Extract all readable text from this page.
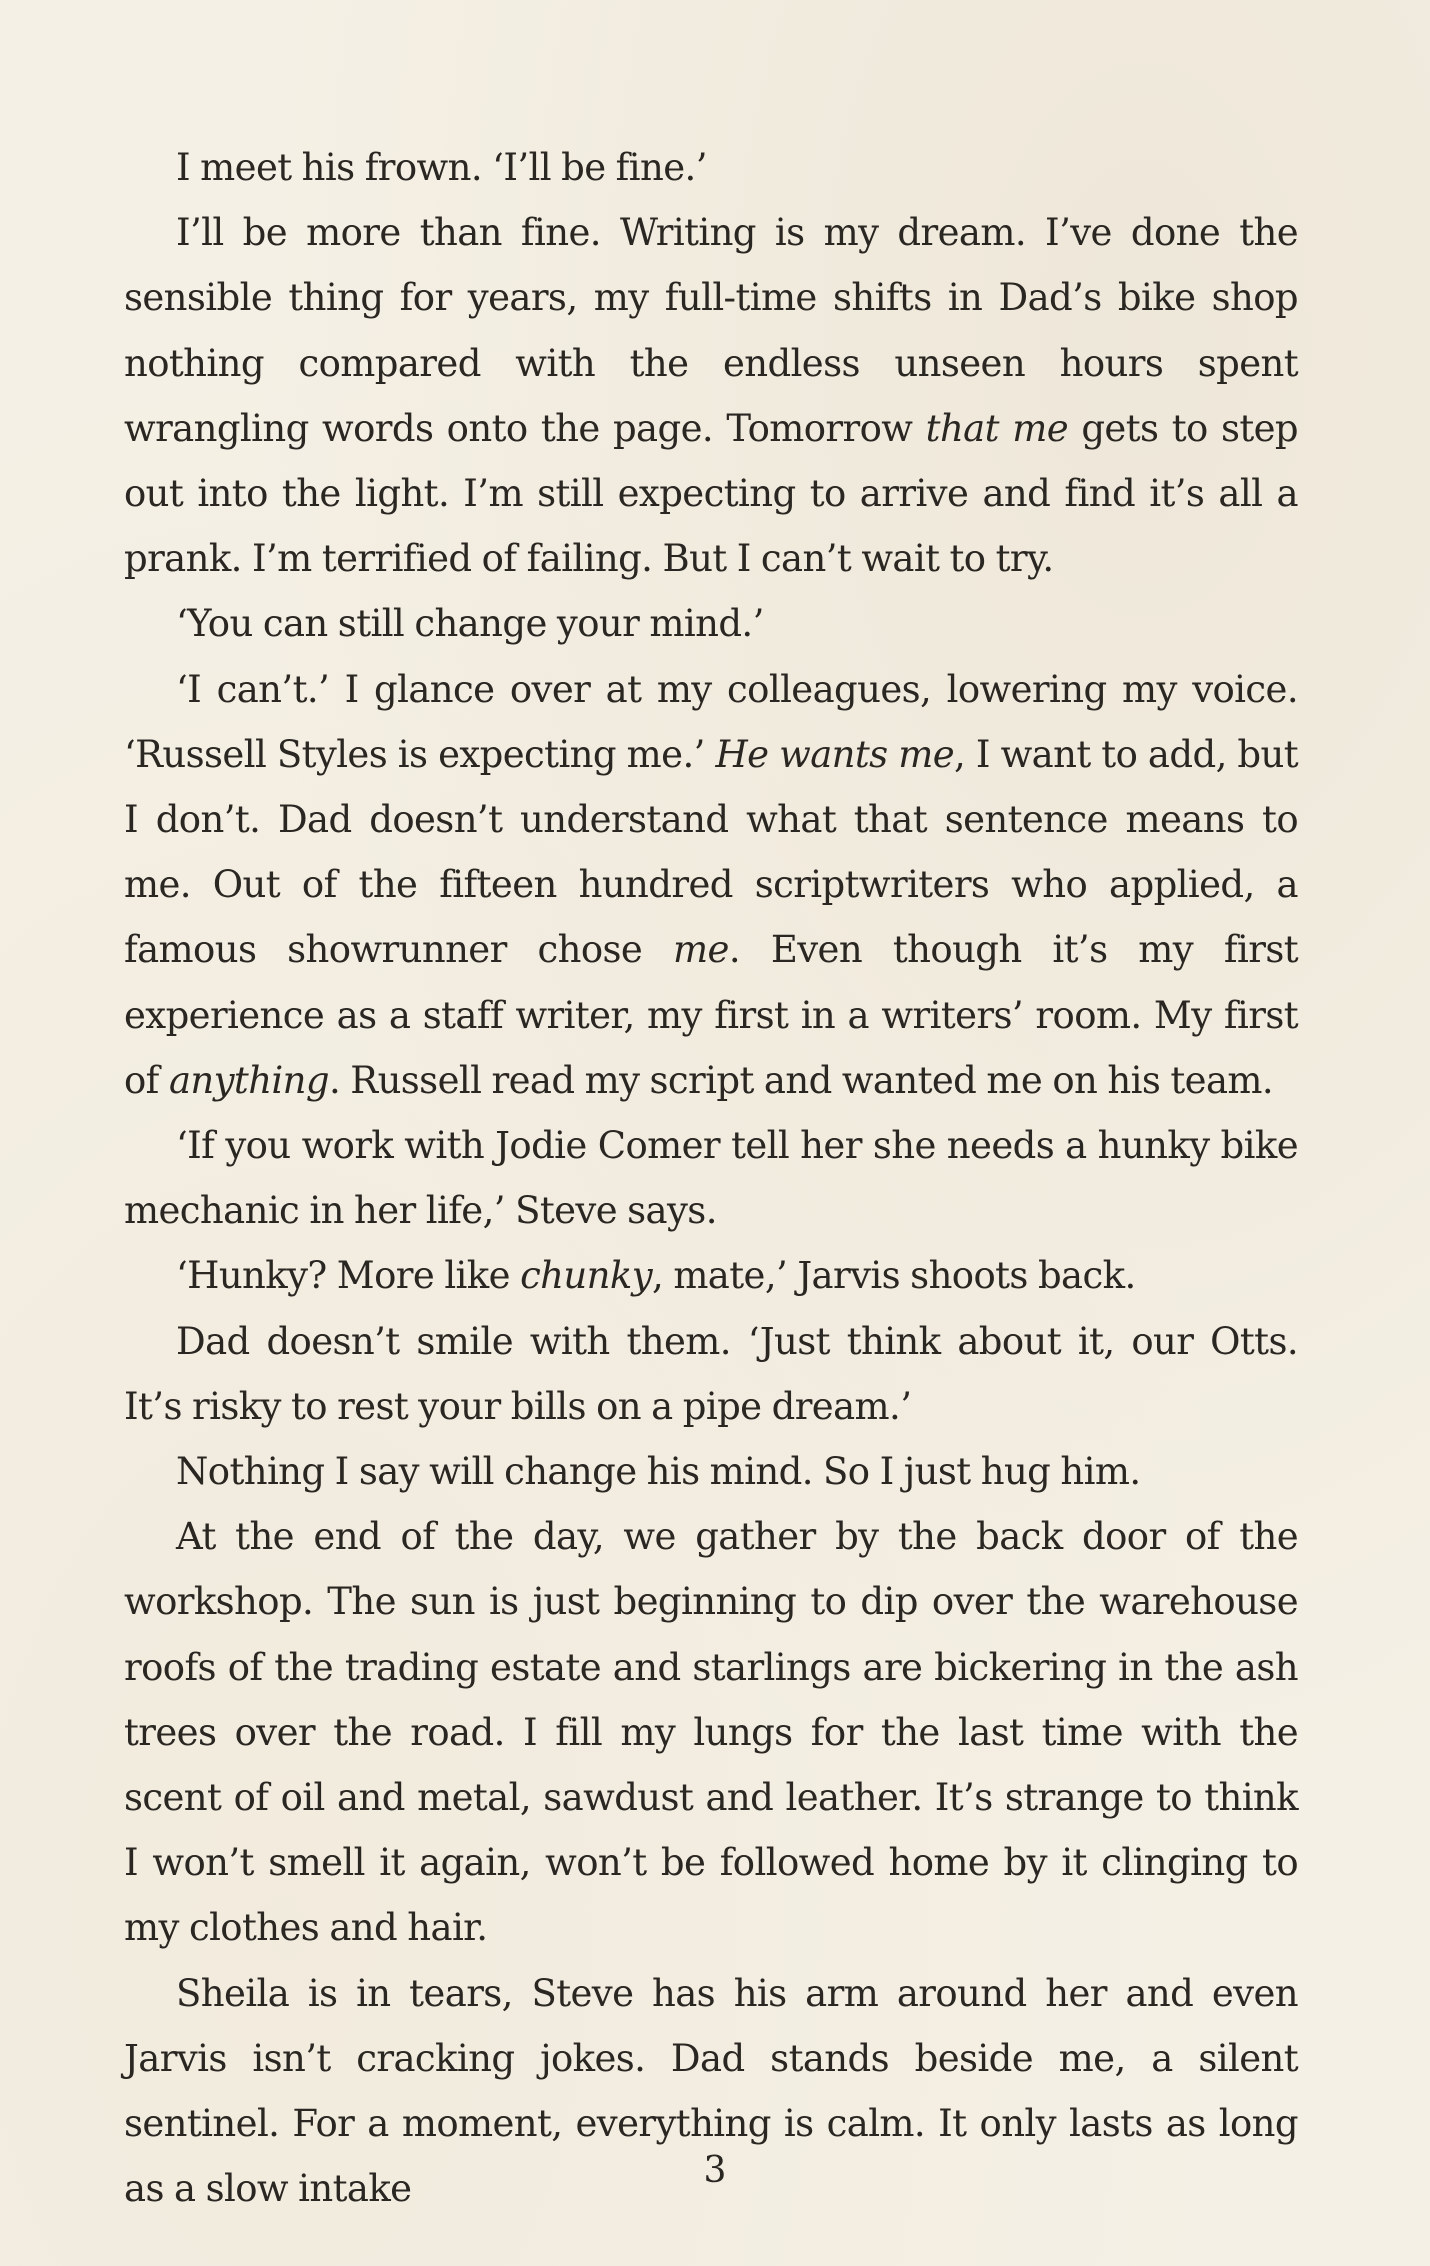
I meet his frown. ‘I’ll be fine.’

I’ll be more than fine. Writing is my dream. I’ve done the sensible thing for years, my full-time shifts in Dad’s bike shop nothing compared with the endless unseen hours spent wrangling words onto the page. Tomorrow that me gets to step out into the light. I’m still expecting to arrive and find it’s all a prank. I’m terrified of failing. But I can’t wait to try.

‘You can still change your mind.’

‘I can’t.’ I glance over at my colleagues, lowering my voice. ‘Russell Styles is expecting me.’ He wants me, I want to add, but I don’t. Dad doesn’t understand what that sentence means to me. Out of the fifteen hundred scriptwriters who applied, a famous showrunner chose me. Even though it’s my first experience as a staff writer, my first in a writers’ room. My first of anything. Russell read my script and wanted me on his team.

‘If you work with Jodie Comer tell her she needs a hunky bike mechanic in her life,’ Steve says.

‘Hunky? More like chunky, mate,’ Jarvis shoots back.

Dad doesn’t smile with them. ‘Just think about it, our Otts. It’s risky to rest your bills on a pipe dream.’

Nothing I say will change his mind. So I just hug him.

At the end of the day, we gather by the back door of the workshop. The sun is just beginning to dip over the warehouse roofs of the trading estate and starlings are bickering in the ash trees over the road. I fill my lungs for the last time with the scent of oil and metal, sawdust and leather. It’s strange to think I won’t smell it again, won’t be followed home by it clinging to my clothes and hair.

Sheila is in tears, Steve has his arm around her and even Jarvis isn’t cracking jokes. Dad stands beside me, a silent sentinel. For a moment, everything is calm. It only lasts as long as a slow intake	3
